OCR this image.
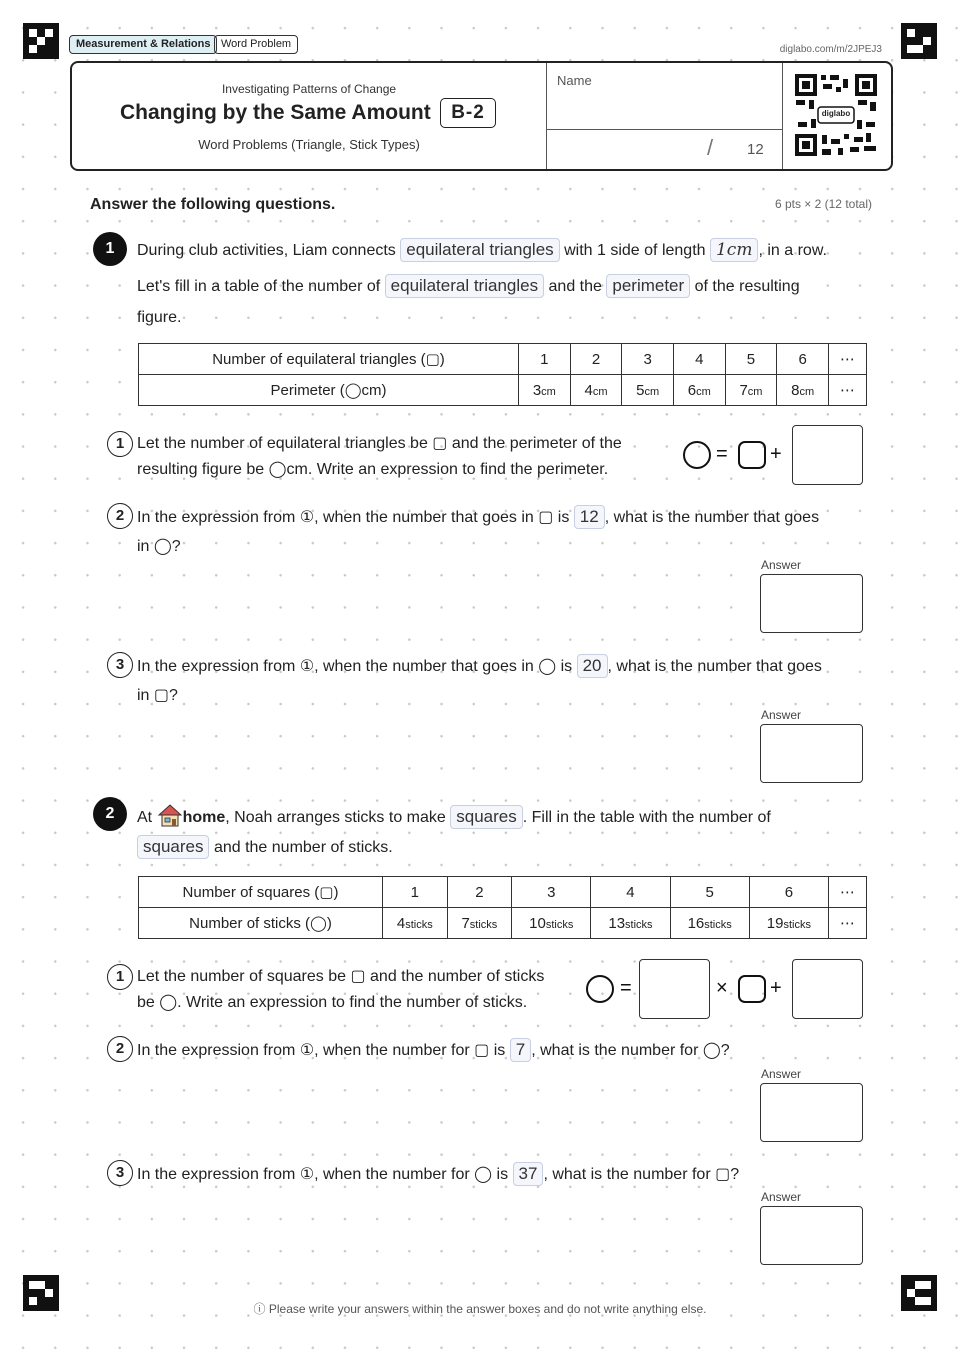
Measurement & Relations Word Problem	diglabo.com/m/2JPEJ3
Investigating Patterns of Change
Changing by the Same Amount	B-2
Word Problems (Triangle, Stick Types)
Name
/ 12
diglabo
Answer the following questions.	6 pts × 2 (12 total)
1	During club activities, Liam connects equilateral triangles with 1 side of length 1cm , in a row.
Let's fill in a table of the number of equilateral triangles and the perimeter of the resulting
figure.
Number of equilateral triangles (▢)	1	2	3	4	5	6	⋯
Perimeter (◯cm)	3cm	4cm	5cm	6cm	7cm	8cm	⋯
1 Let the number of equilateral triangles be ▢ and the perimeter of the
resulting figure be ◯cm. Write an expression to find the perimeter.
= +
2 In the expression from ①, when the number that goes in ▢ is 12 , what is the number that goes
in ◯?
Answer
3 In the expression from ①, when the number that goes in ◯ is 20 , what is the number that goes
in ▢?
Answer
2	At home, Noah arranges sticks to make squares . Fill in the table with the number of
squares and the number of sticks.
Number of squares (▢)	1	2	3	4	5	6	⋯
Number of sticks (◯)	4sticks	7sticks	10sticks	13sticks	16sticks	19sticks	⋯
1 Let the number of squares be ▢ and the number of sticks
be ◯. Write an expression to find the number of sticks.
=	× +
2 In the expression from ①, when the number for ▢ is 7 , what is the number for ◯?
Answer
3 In the expression from ①, when the number for ◯ is 37 , what is the number for ▢?
Answer
ⓘ Please write your answers within the answer boxes and do not write anything else.
